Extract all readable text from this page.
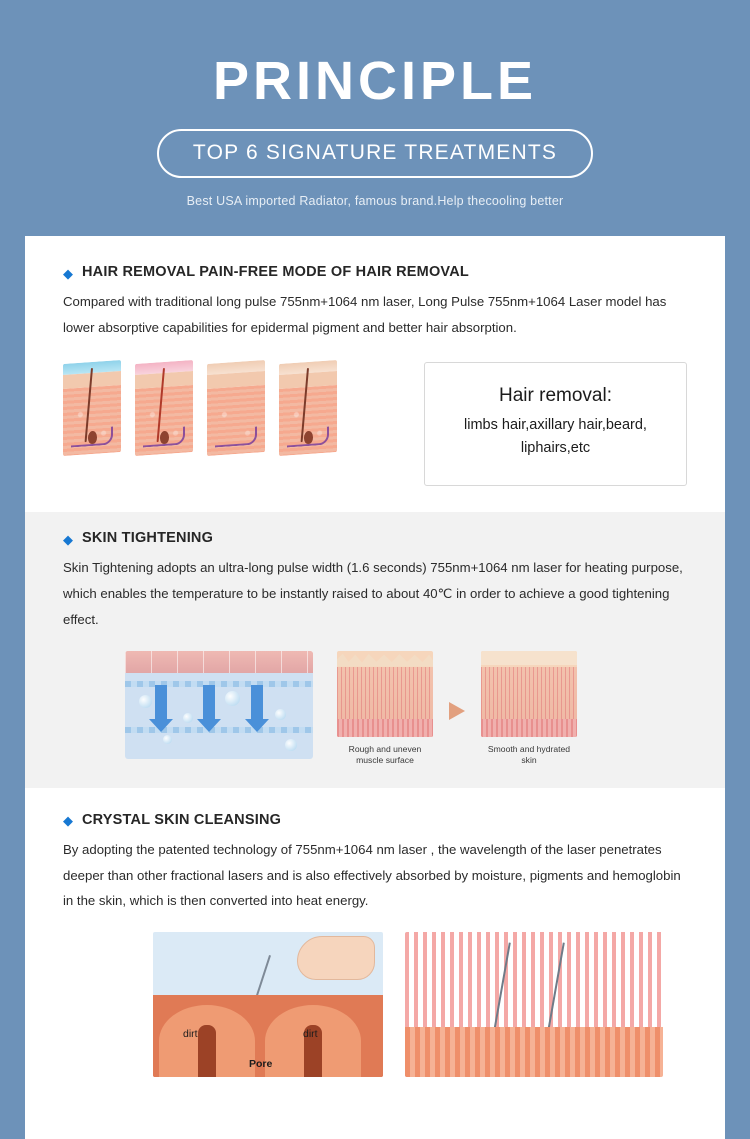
PRINCIPLE
TOP 6 SIGNATURE TREATMENTS
Best USA imported Radiator, famous brand.Help thecooling better
◆ HAIR REMOVAL PAIN-FREE MODE OF HAIR REMOVAL

Compared with traditional long pulse 755nm+1064 nm laser, Long Pulse 755nm+1064 Laser model has lower absorptive capabilities for epidermal pigment and better hair absorption.

Hair removal:
limbs hair,axillary hair,beard,
liphairs,etc
◆ SKIN TIGHTENING

Skin Tightening adopts an ultra-long pulse width (1.6 seconds) 755nm+1064 nm laser for heating purpose, which enables the temperature to be instantly raised to about 40℃ in order to achieve a good tightening effect.

Rough and uneven muscle surface
Smooth and hydrated skin
◆ CRYSTAL SKIN CLEANSING

By adopting the patented technology of 755nm+1064 nm laser , the wavelength of the laser penetrates deeper than other fractional lasers and is also effectively absorbed by moisture, pigments and hemoglobin in the skin, which is then converted into heat energy.

dirt	dirt
Pore
